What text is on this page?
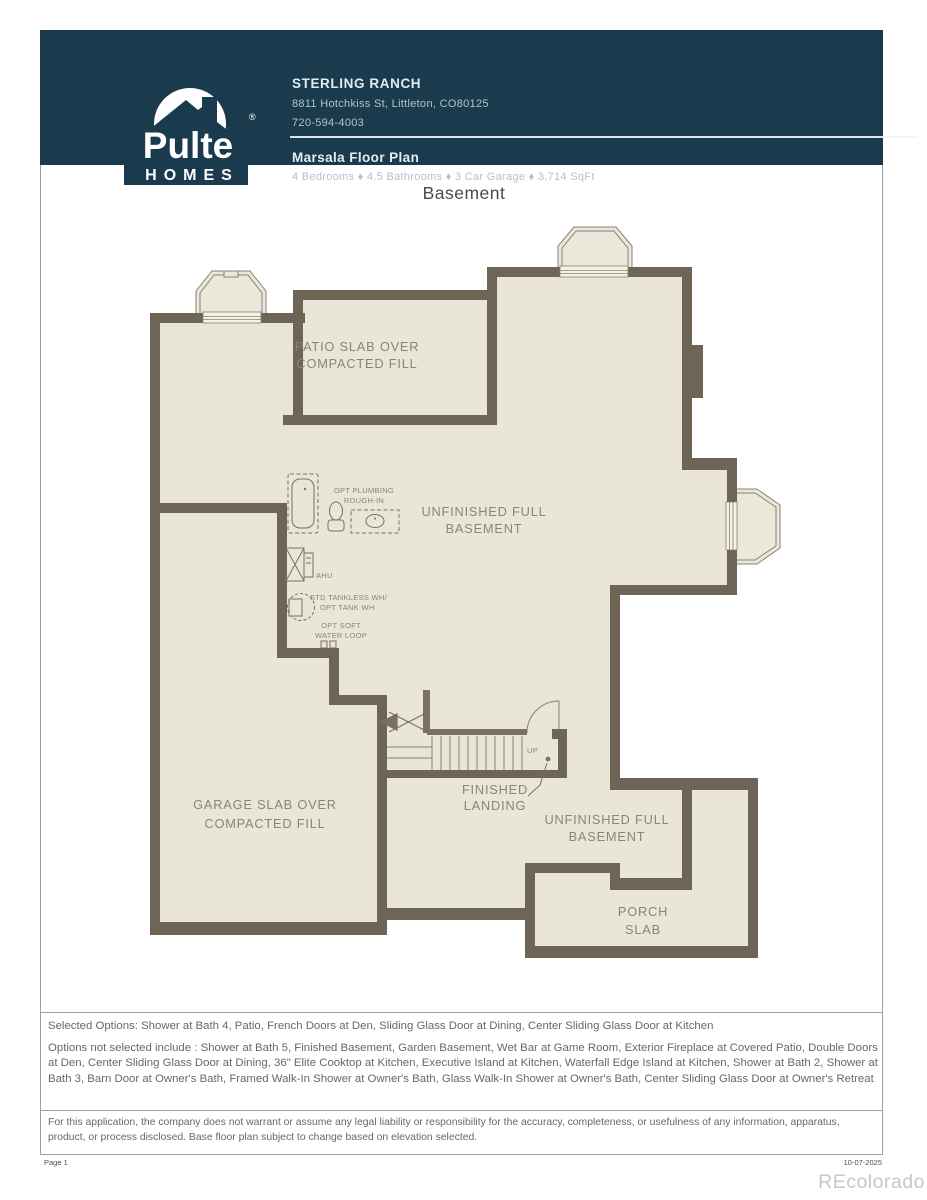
®
Pulte
HOMES
STERLING RANCH
8811 Hotchkiss St, Littleton, CO80125
720-594-4003
Marsala Floor Plan
4 Bedrooms ♦ 4.5 Bathrooms ♦ 3 Car Garage ♦ 3,714 SqFt
Basement
UP
OPT PLUMBING
ROUGH-IN
AHU
STD TANKLESS WH/
OPT TANK WH
OPT SOFT
WATER LOOP
PATIO SLAB OVER
COMPACTED FILL
UNFINISHED FULL
BASEMENT
GARAGE SLAB OVER
COMPACTED FILL
FINISHED
LANDING
UNFINISHED FULL
BASEMENT
PORCH
SLAB
Selected Options: Shower at Bath 4, Patio, French Doors at Den, Sliding Glass Door at Dining, Center Sliding Glass Door at Kitchen
Options not selected include : Shower at Bath 5, Finished Basement, Garden Basement, Wet Bar at Game Room, Exterior Fireplace at Covered Patio, Double Doors at Den, Center Sliding Glass Door at Dining, 36" Elite Cooktop at Kitchen, Executive Island at Kitchen, Waterfall Edge Island at Kitchen, Shower at Bath 2, Shower at Bath 3, Barn Door at Owner's Bath, Framed Walk-In Shower at Owner's Bath, Glass Walk-In Shower at Owner's Bath, Center Sliding Glass Door at Owner's Retreat
For this application, the company does not warrant or assume any legal liability or responsibility for the accuracy, completeness, or usefulness of any information, apparatus, product, or process disclosed. Base floor plan subject to change based on elevation selected.
Page 1	10-07-2025
REcolorado
